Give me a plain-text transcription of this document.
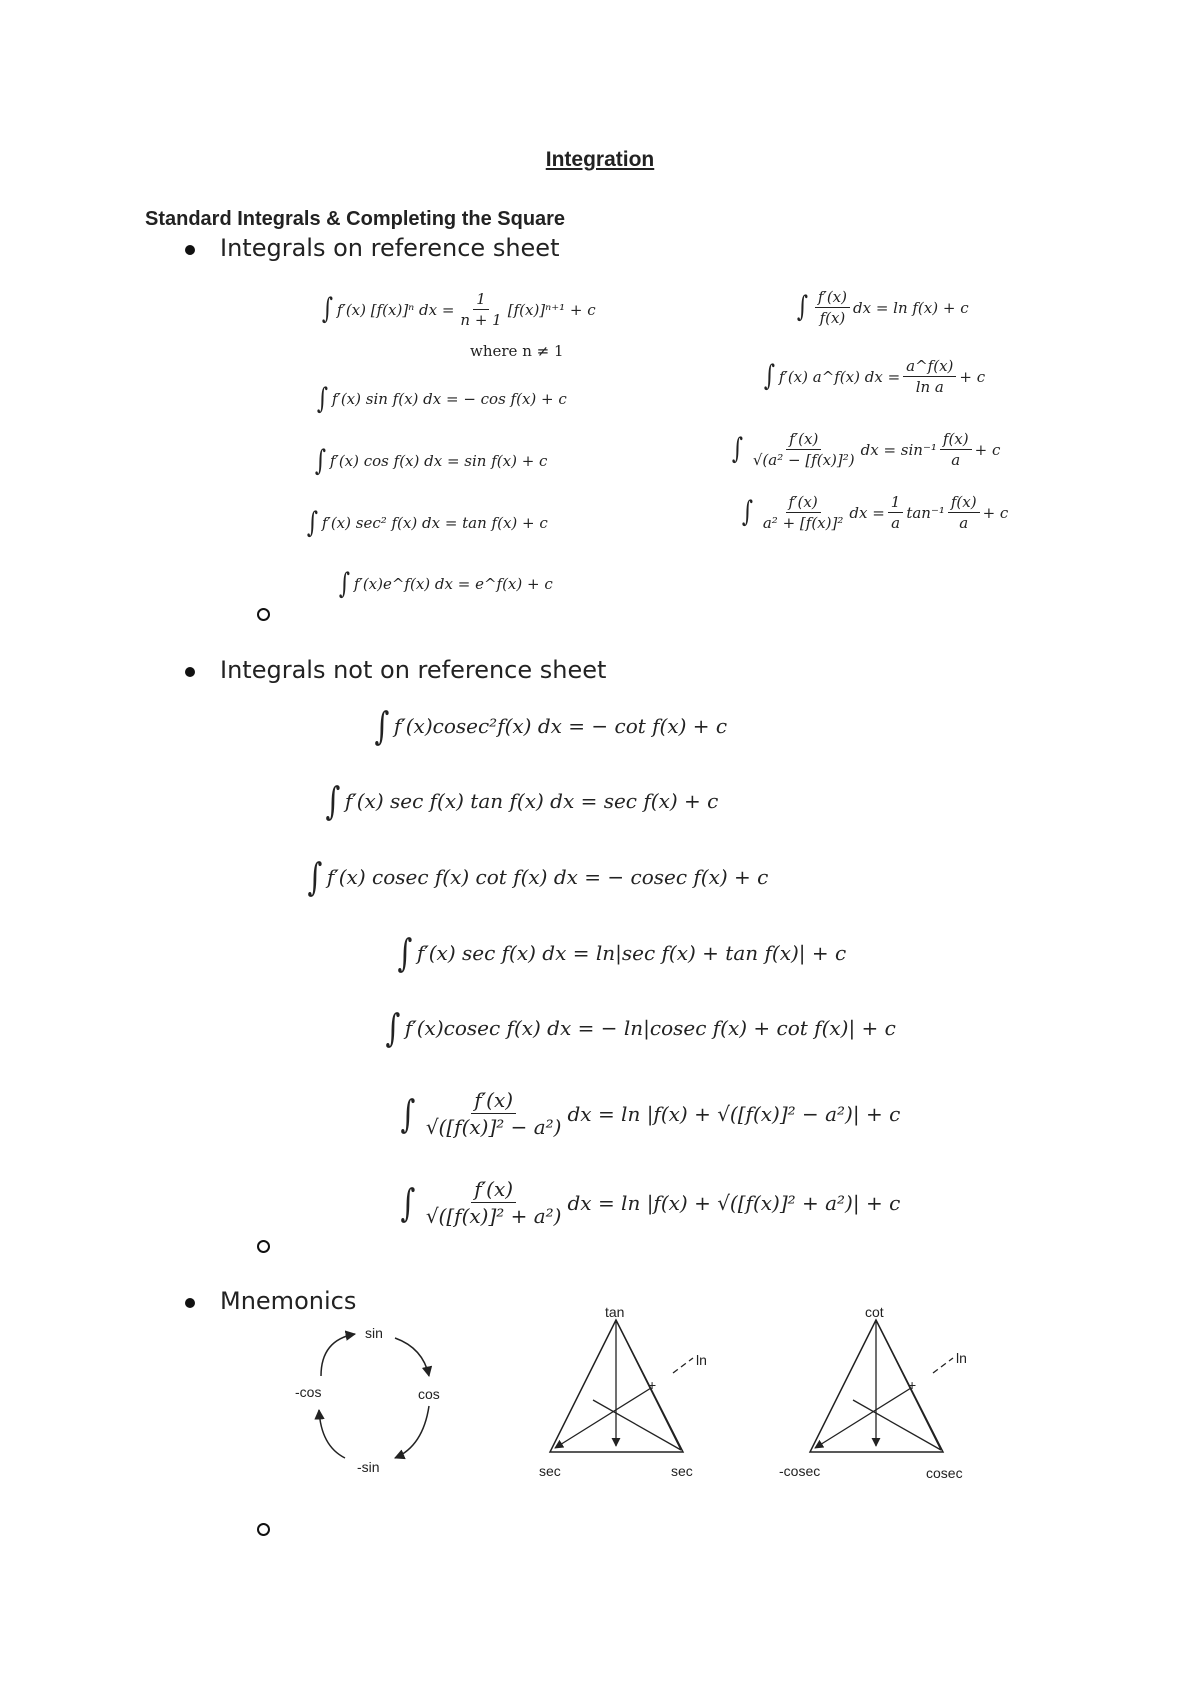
Integration
Standard Integrals & Completing the Square
Integrals on reference sheet
∫ f′(x) [f(x)]ⁿ dx = $\frac{1}{n + 1} [f(x)]^{n+1} + c$
where n ≠ 1
∫ f′(x) sin f(x) dx = − cos f(x) + c
∫ f′(x) cos f(x) dx = sin f(x) + c
∫ f′(x) sec² f(x) dx = tan f(x) + c
∫ f′(x)e^f(x) dx = e^f(x) + c
∫ $\frac{f'(x)}{f(x)}$ dx = ln f(x) + c
∫ f′(x) a^f(x) dx = $\frac{a\^{}f(x)}{\text{ln a}} + c$
∫ $\frac{f'(x)}{\text{√(a² − [f(x)]²)}}$ dx = $\sin^{-1} \frac{f(x)}{a} + c$
∫ $\frac{f'(x)}{\text{a² + [f(x)]²}}$ dx = $\frac{1}{a} \tan^{-1} \frac{f(x)}{a} + c$
Integrals not on reference sheet
∫ f′(x)cosec²f(x) dx = − cot f(x) + c
∫ f′(x) sec f(x) tan f(x) dx = sec f(x) + c
∫ f′(x) cosec f(x) cot f(x) dx = − cosec f(x) + c
∫ f′(x) sec f(x) dx = ln|sec f(x) + tan f(x)| + c
∫ f′(x)cosec f(x) dx = − ln|cosec f(x) + cot f(x)| + c
∫ $\frac{f'(x)}{\text{√([f(x)]² − a²)}}$ dx = ln |f(x) + √([f(x)]² − a²)| + c
∫ $\frac{f'(x)}{\text{√([f(x)]² + a²)}}$ dx = ln |f(x) + √([f(x)]² + a²)| + c
Mnemonics
sin
cos
-sin
-cos
tan
sec	sec
ln
+
cot
-cosec	cosec
ln
+
